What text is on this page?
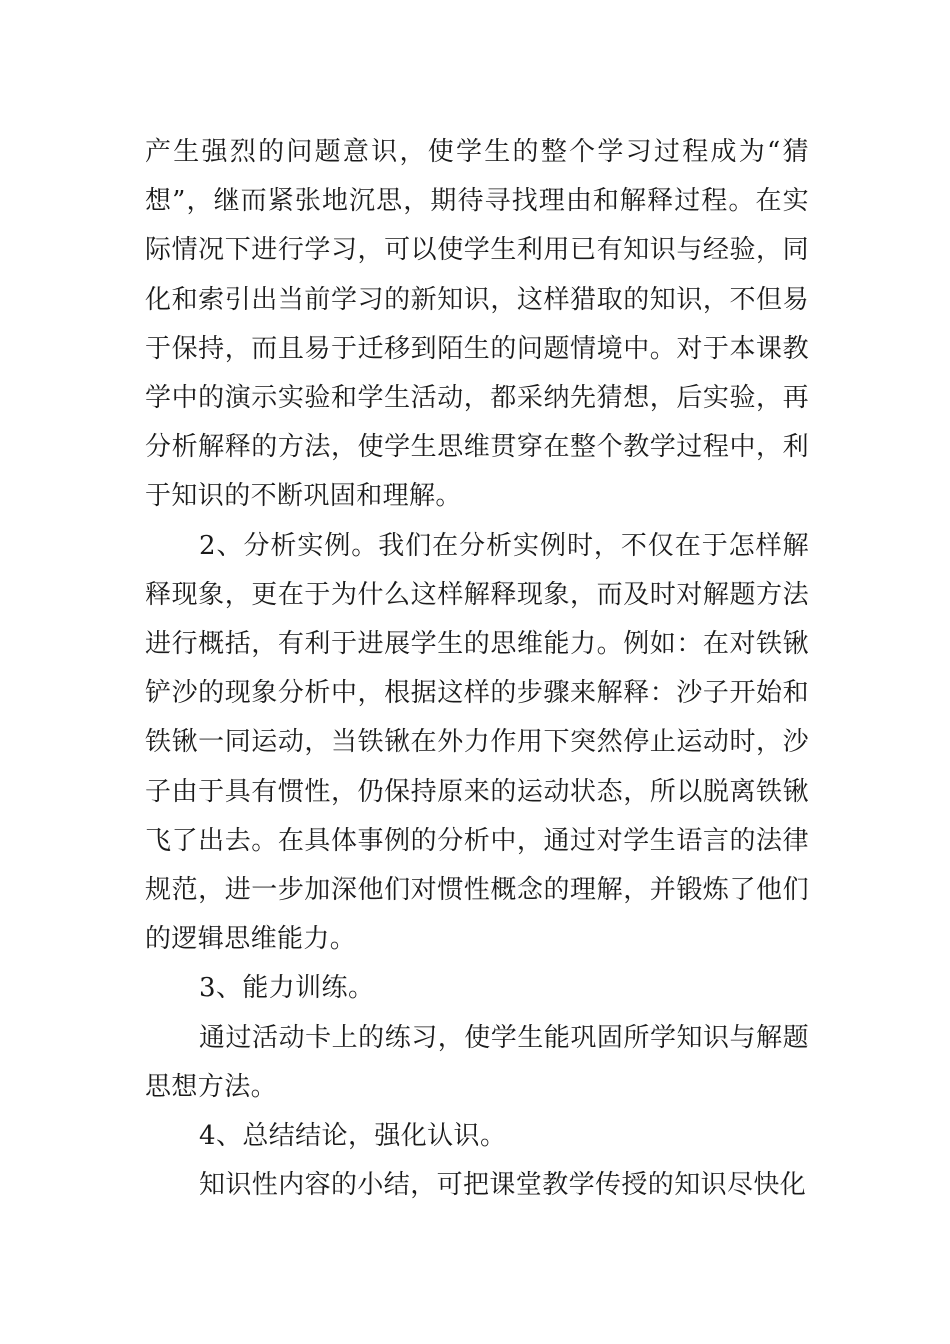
产生强烈的问题意识，使学生的整个学习过程成为“猜想”，继而紧张地沉思，期待寻找理由和解释过程。在实际情况下进行学习，可以使学生利用已有知识与经验，同化和索引出当前学习的新知识，这样猎取的知识，不但易于保持，而且易于迁移到陌生的问题情境中。对于本课教学中的演示实验和学生活动，都采纳先猜想，后实验，再分析解释的方法，使学生思维贯穿在整个教学过程中，利于知识的不断巩固和理解。

2、分析实例。我们在分析实例时，不仅在于怎样解释现象，更在于为什么这样解释现象，而及时对解题方法进行概括，有利于进展学生的思维能力。例如：在对铁锹铲沙的现象分析中，根据这样的步骤来解释：沙子开始和铁锹一同运动，当铁锹在外力作用下突然停止运动时，沙子由于具有惯性，仍保持原来的运动状态，所以脱离铁锹飞了出去。在具体事例的分析中，通过对学生语言的法律规范，进一步加深他们对惯性概念的理解，并锻炼了他们的逻辑思维能力。

3、能力训练。

通过活动卡上的练习，使学生能巩固所学知识与解题思想方法。

4、总结结论，强化认识。

知识性内容的小结，可把课堂教学传授的知识尽快化
